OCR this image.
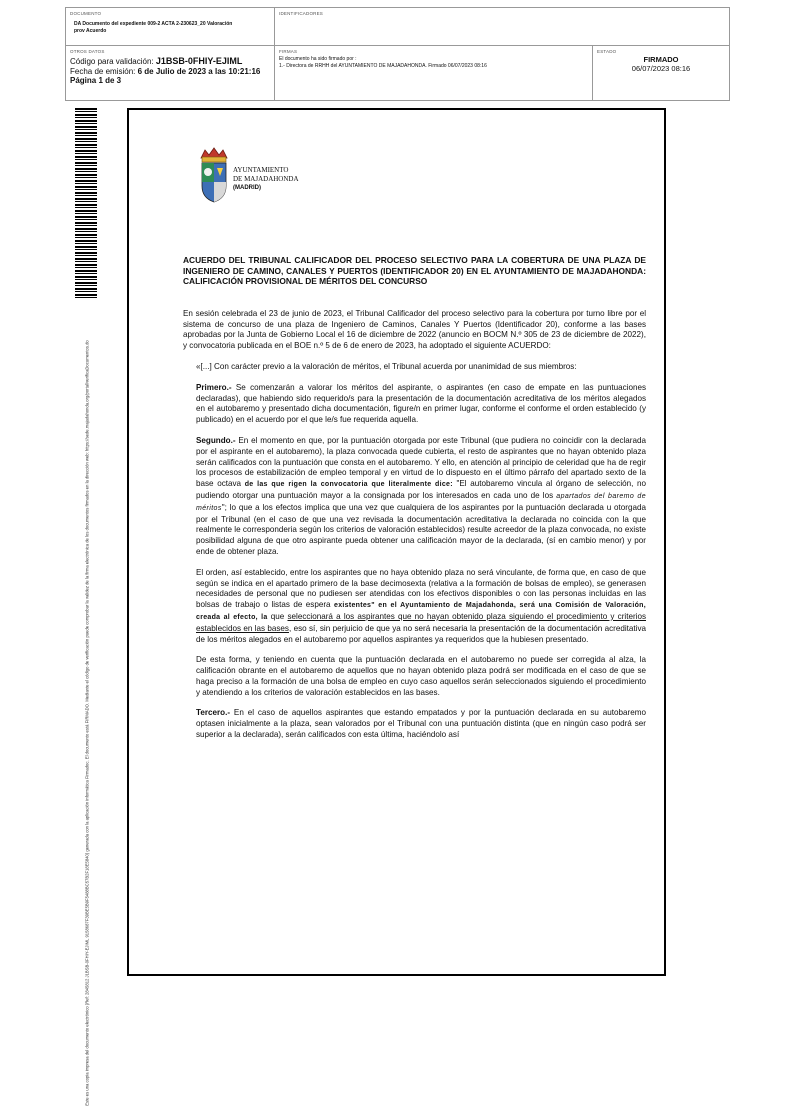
DOCUMENTO
DA Documento del expediente 009-2 ACTA 2-230623_20 Valoración prov Acuerdo
IDENTIFICADORES
OTROS DATOS
Código para validación: J1BSB-0FHIY-EJIML
Fecha de emisión: 6 de Julio de 2023 a las 10:21:16
Página 1 de 3
FIRMAS
El documento ha sido firmado por :
1.- Directora de RRHH del AYUNTAMIENTO DE MAJADAHONDA. Firmado 06/07/2023 08:16
ESTADO
FIRMADO
06/07/2023 08:16
Este es una copia impresa del documento electrónico (Ref: 2845812 J1BSB-0FHIY-EJIML 9158687F39BE5B9F5488BC57B2F18E5840) generada con la aplicación informática Firmadoc. El documento está FIRMADO. Mediante el código de verificación puede comprobar la validez de la firma electrónica de los documentos firmados en la dirección web: https://sede.majadahonda.org/portal/verificaDocumentos.do
AYUNTAMIENTO
DE MAJADAHONDA
(MADRID)
ACUERDO DEL TRIBUNAL CALIFICADOR DEL PROCESO SELECTIVO PARA LA COBERTURA DE UNA PLAZA DE INGENIERO DE CAMINO, CANALES Y PUERTOS (IDENTIFICADOR 20) EN EL AYUNTAMIENTO DE MAJADAHONDA: CALIFICACIÓN PROVISIONAL DE MÉRITOS DEL CONCURSO

En sesión celebrada el 23 de junio de 2023, el Tribunal Calificador del proceso selectivo para la cobertura por turno libre por el sistema de concurso de una plaza de Ingeniero de Caminos, Canales Y Puertos (Identificador 20), conforme a las bases aprobadas por la Junta de Gobierno Local el 16 de diciembre de 2022 (anuncio en BOCM N.º 305 de 23 de diciembre de 2022), y convocatoria publicada en el BOE n.º 5 de 6 de enero de 2023, ha adoptado el siguiente ACUERDO:

«[...] Con carácter previo a la valoración de méritos, el Tribunal acuerda por unanimidad de sus miembros:

Primero.- Se comenzarán a valorar los méritos del aspirante, o aspirantes (en caso de empate en las puntuaciones declaradas), que habiendo sido requerido/s para la presentación de la documentación acreditativa de los méritos alegados en el autobaremo y presentado dicha documentación, figure/n en primer lugar, conforme el conforme el orden establecido (y publicado) en el acuerdo por el que le/s fue requerida aquella.

Segundo.- En el momento en que, por la puntuación otorgada por este Tribunal (que pudiera no coincidir con la declarada por el aspirante en el autobaremo), la plaza convocada quede cubierta, el resto de aspirantes que no hayan obtenido plaza serán calificados con la puntuación que consta en el autobaremo. Y ello, en atención al principio de celeridad que ha de regir los procesos de estabilización de empleo temporal y en virtud de lo dispuesto en el último párrafo del apartado sexto de la base octava de las que rigen la convocatoria que literalmente dice: "El autobaremo vincula al órgano de selección, no pudiendo otorgar una puntuación mayor a la consignada por los interesados en cada uno de los apartados del baremo de méritos"; lo que a los efectos implica que una vez que cualquiera de los aspirantes por la puntuación declarada u otorgada por el Tribunal (en el caso de que una vez revisada la documentación acreditativa la declarada no coincida con la que realmente le corresponderia según los criterios de valoración establecidos) resulte acreedor de la plaza convocada, no existe posibilidad alguna de que otro aspirante pueda obtener una calificación mayor de la declarada, (sí en cambio menor) y por ende de obtener plaza.

El orden, así establecido, entre los aspirantes que no haya obtenido plaza no será vinculante, de forma que, en caso de que según se indica en el apartado primero de la base decimosexta (relativa a la formación de bolsas de empleo), se generasen necesidades de personal que no pudiesen ser atendidas con los efectivos disponibles o con las personas incluidas en las bolsas de trabajo o listas de espera existentes" en el Ayuntamiento de Majadahonda, será una Comisión de Valoración, creada al efecto, la que seleccionará a los aspirantes que no hayan obtenido plaza siguiendo el procedimiento y criterios establecidos en las bases, eso sí, sin perjuicio de que ya no será necesaria la presentación de la documentación acreditativa de los méritos alegados en el autobaremo por aquellos aspirantes ya requeridos que la hubiesen presentado.

De esta forma, y teniendo en cuenta que la puntuación declarada en el autobaremo no puede ser corregida al alza, la calificación obrante en el autobaremo de aquellos que no hayan obtenido plaza podrá ser modificada en el caso de que se haga preciso a la formación de una bolsa de empleo en cuyo caso aquellos serán seleccionados siguiendo el procedimiento y atendiendo a los criterios de valoración establecidos en las bases.

Tercero.- En el caso de aquellos aspirantes que estando empatados y por la puntuación declarada en su autobaremo optasen inicialmente a la plaza, sean valorados por el Tribunal con una puntuación distinta (que en ningún caso podrá ser superior a la declarada), serán calificados con esta última, haciéndolo así
